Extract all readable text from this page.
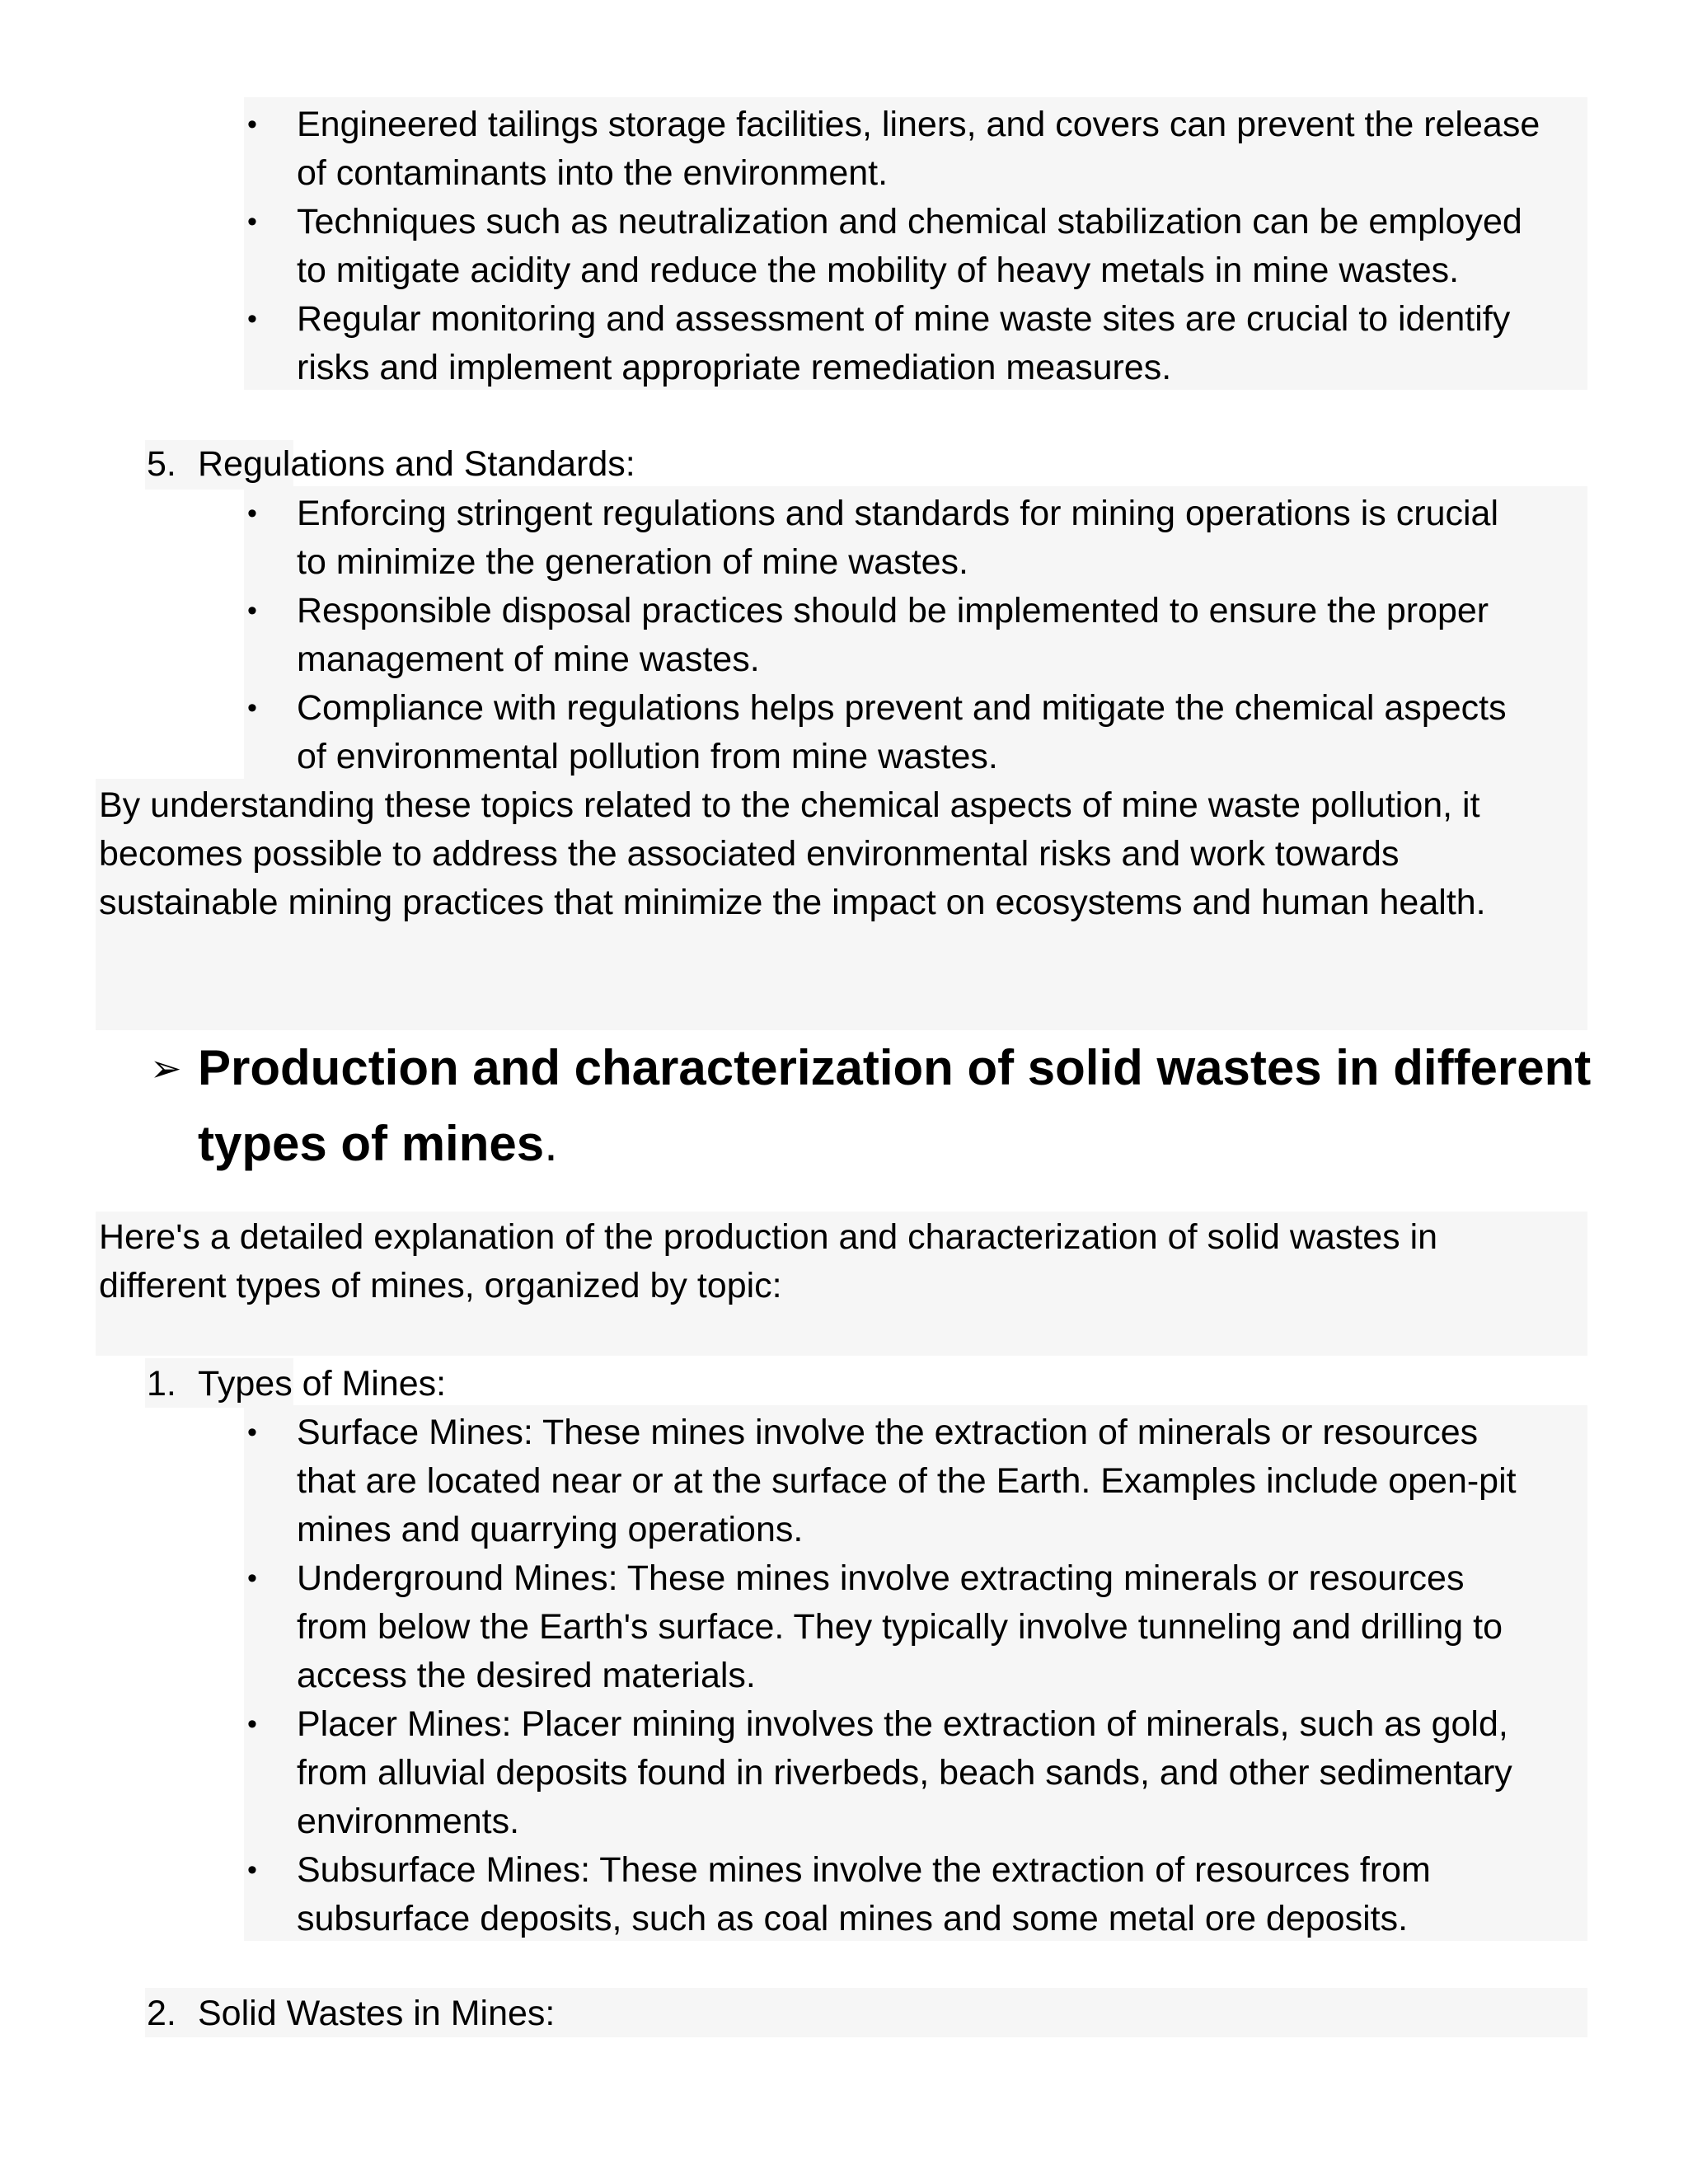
• Engineered tailings storage facilities, liners, and covers can prevent the release

of contaminants into the environment.

• Techniques such as neutralization and chemical stabilization can be employed

to mitigate acidity and reduce the mobility of heavy metals in mine wastes.

• Regular monitoring and assessment of mine waste sites are crucial to identify

risks and implement appropriate remediation measures.

5. Regulations and Standards:

• Enforcing stringent regulations and standards for mining operations is crucial

to minimize the generation of mine wastes.

• Responsible disposal practices should be implemented to ensure the proper

management of mine wastes.

• Compliance with regulations helps prevent and mitigate the chemical aspects

of environmental pollution from mine wastes.

By understanding these topics related to the chemical aspects of mine waste pollution, it

becomes possible to address the associated environmental risks and work towards

sustainable mining practices that minimize the impact on ecosystems and human health.

➢ Production and characterization of solid wastes in different
types of mines.

Here's a detailed explanation of the production and characterization of solid wastes in

different types of mines, organized by topic:

1. Types of Mines:

• Surface Mines: These mines involve the extraction of minerals or resources

that are located near or at the surface of the Earth. Examples include open-pit

mines and quarrying operations.

• Underground Mines: These mines involve extracting minerals or resources

from below the Earth's surface. They typically involve tunneling and drilling to

access the desired materials.

• Placer Mines: Placer mining involves the extraction of minerals, such as gold,

from alluvial deposits found in riverbeds, beach sands, and other sedimentary

environments.

• Subsurface Mines: These mines involve the extraction of resources from

subsurface deposits, such as coal mines and some metal ore deposits.

2. Solid Wastes in Mines:
